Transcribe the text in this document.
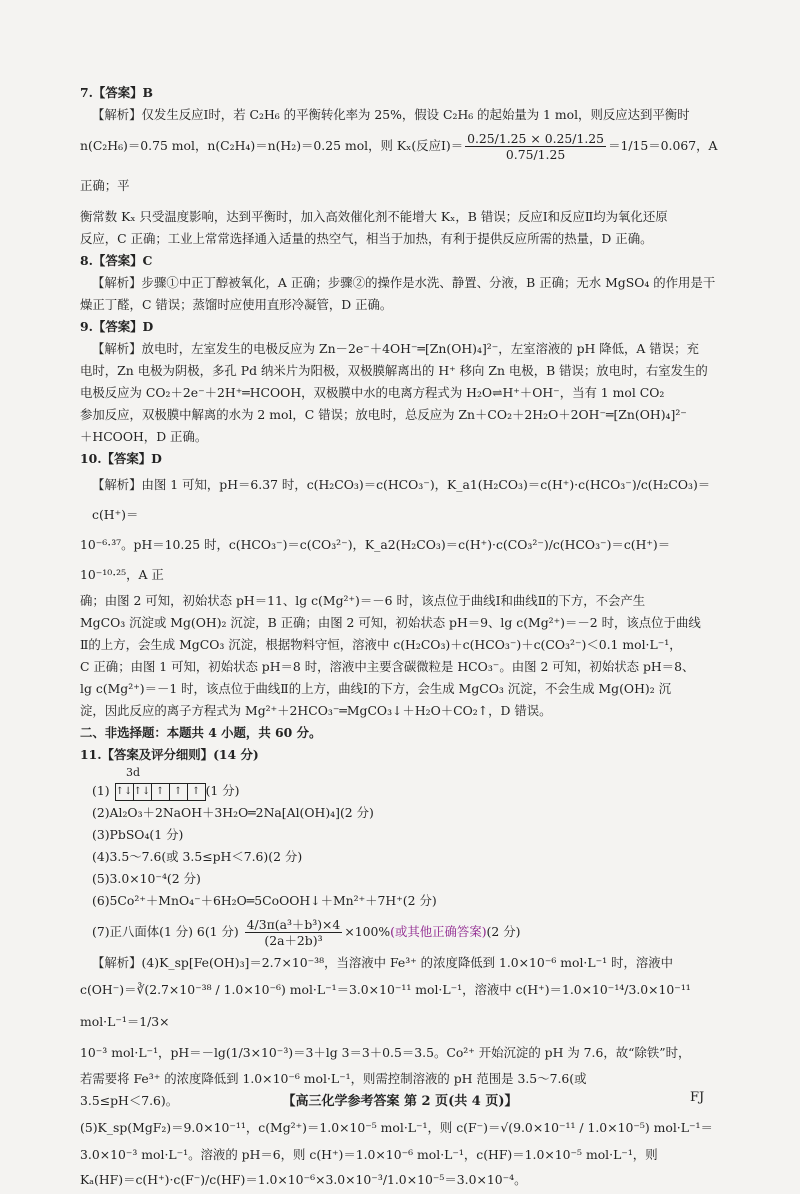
7.【答案】B

【解析】仅发生反应Ⅰ时，若 C₂H₆ 的平衡转化率为 25%，假设 C₂H₆ 的起始量为 1 mol，则反应达到平衡时

n(C₂H₆)＝0.75 mol，n(C₂H₄)＝n(H₂)＝0.25 mol，则 Kₓ(反应Ⅰ)＝ $\frac{0.25/1.25 \times 0.25/1.25}{0.75/1.25} =1/15=0.067$，A 正确；平

衡常数 Kₓ 只受温度影响，达到平衡时，加入高效催化剂不能增大 Kₓ，B 错误；反应Ⅰ和反应Ⅱ均为氧化还原

反应，C 正确；工业上常常选择通入适量的热空气，相当于加热，有利于提供反应所需的热量，D 正确。

8.【答案】C

【解析】步骤①中正丁醇被氧化，A 正确；步骤②的操作是水洗、静置、分液，B 正确；无水 MgSO₄ 的作用是干

燥正丁醛，C 错误；蒸馏时应使用直形冷凝管，D 正确。

9.【答案】D

【解析】放电时，左室发生的电极反应为 Zn－2e⁻＋4OH⁻═[Zn(OH)₄]²⁻，左室溶液的 pH 降低，A 错误；充

电时，Zn 电极为阴极，多孔 Pd 纳米片为阳极，双极膜解离出的 H⁺ 移向 Zn 电极，B 错误；放电时，右室发生的

电极反应为 CO₂＋2e⁻＋2H⁺═HCOOH，双极膜中水的电离方程式为 H₂O⇌H⁺＋OH⁻，当有 1 mol CO₂

参加反应，双极膜中解离的水为 2 mol，C 错误；放电时，总反应为 Zn＋CO₂＋2H₂O＋2OH⁻═[Zn(OH)₄]²⁻

＋HCOOH，D 正确。

10.【答案】D

【解析】由图 1 可知，pH＝6.37 时，c(H₂CO₃)＝c(HCO₃⁻)，K_a1(H₂CO₃)＝c(H⁺)·c(HCO₃⁻)/c(H₂CO₃)＝c(H⁺)＝

10⁻⁶·³⁷。pH＝10.25 时，c(HCO₃⁻)＝c(CO₃²⁻)，K_a2(H₂CO₃)＝c(H⁺)·c(CO₃²⁻)/c(HCO₃⁻)＝c(H⁺)＝10⁻¹⁰·²⁵，A 正

确；由图 2 可知，初始状态 pH＝11、lg c(Mg²⁺)＝－6 时，该点位于曲线Ⅰ和曲线Ⅱ的下方，不会产生

MgCO₃ 沉淀或 Mg(OH)₂ 沉淀，B 正确；由图 2 可知，初始状态 pH＝9、lg c(Mg²⁺)＝－2 时，该点位于曲线

Ⅱ的上方，会生成 MgCO₃ 沉淀，根据物料守恒，溶液中 c(H₂CO₃)＋c(HCO₃⁻)＋c(CO₃²⁻)＜0.1 mol·L⁻¹，

C 正确；由图 1 可知，初始状态 pH＝8 时，溶液中主要含碳微粒是 HCO₃⁻。由图 2 可知，初始状态 pH＝8、

lg c(Mg²⁺)＝－1 时，该点位于曲线Ⅱ的上方，曲线Ⅰ的下方，会生成 MgCO₃ 沉淀，不会生成 Mg(OH)₂ 沉

淀，因此反应的离子方程式为 Mg²⁺＋2HCO₃⁻═MgCO₃↓＋H₂O＋CO₂↑，D 错误。

二、非选择题：本题共 4 小题，共 60 分。

11.【答案及评分细则】(14 分)

3d

(1) ↑↓ ↑↓ ↑ ↑ ↑ (1 分)

(2)Al₂O₃＋2NaOH＋3H₂O═2Na[Al(OH)₄](2 分)

(3)PbSO₄(1 分)

(4)3.5～7.6(或 3.5≤pH＜7.6)(2 分)

(5)3.0×10⁻⁴(2 分)

(6)5Co²⁺＋MnO₄⁻＋6H₂O═5CoOOH↓＋Mn²⁺＋7H⁺(2 分)

(7)正八面体(1 分) 6(1 分) $\frac{\text{4/3π(a³＋b³)×4}}{\text{(2a＋2b)³}} \times 100\%$(或其他正确答案)(2 分)

【解析】(4)K_sp[Fe(OH)₃]＝2.7×10⁻³⁸，当溶液中 Fe³⁺ 的浓度降低到 1.0×10⁻⁶ mol·L⁻¹ 时，溶液中

c(OH⁻)＝∛(2.7×10⁻³⁸ / 1.0×10⁻⁶) mol·L⁻¹＝3.0×10⁻¹¹ mol·L⁻¹，溶液中 c(H⁺)＝1.0×10⁻¹⁴/3.0×10⁻¹¹ mol·L⁻¹＝1/3×

10⁻³ mol·L⁻¹，pH＝－lg(1/3×10⁻³)＝3＋lg 3＝3＋0.5＝3.5。Co²⁺ 开始沉淀的 pH 为 7.6，故“除铁”时，

若需要将 Fe³⁺ 的浓度降低到 1.0×10⁻⁶ mol·L⁻¹，则需控制溶液的 pH 范围是 3.5～7.6(或

3.5≤pH＜7.6)。

(5)K_sp(MgF₂)＝9.0×10⁻¹¹，c(Mg²⁺)＝1.0×10⁻⁵ mol·L⁻¹，则 c(F⁻)＝√(9.0×10⁻¹¹ / 1.0×10⁻⁵) mol·L⁻¹＝

3.0×10⁻³ mol·L⁻¹。溶液的 pH＝6，则 c(H⁺)＝1.0×10⁻⁶ mol·L⁻¹，c(HF)＝1.0×10⁻⁵ mol·L⁻¹，则

Kₐ(HF)＝c(H⁺)·c(F⁻)/c(HF)＝1.0×10⁻⁶×3.0×10⁻³/1.0×10⁻⁵＝3.0×10⁻⁴。

【高三化学参考答案 第 2 页(共 4 页)】	FJ
